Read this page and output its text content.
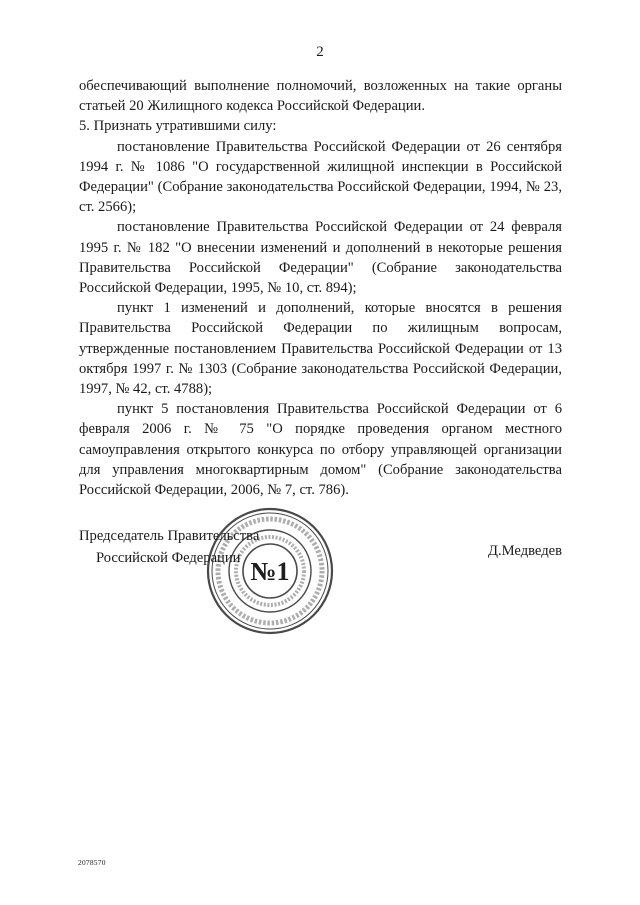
2

обеспечивающий выполнение полномочий, возложенных на такие органы статьей 20 Жилищного кодекса Российской Федерации.

5. Признать утратившими силу:

постановление Правительства Российской Федерации от 26 сентября 1994 г. № 1086 "О государственной жилищной инспекции в Российской Федерации" (Собрание законодательства Российской Федерации, 1994, № 23, ст. 2566);

постановление Правительства Российской Федерации от 24 февраля 1995 г. № 182 "О внесении изменений и дополнений в некоторые решения Правительства Российской Федерации" (Собрание законодательства Российской Федерации, 1995, № 10, ст. 894);

пункт 1 изменений и дополнений, которые вносятся в решения Правительства Российской Федерации по жилищным вопросам, утвержденные постановлением Правительства Российской Федерации от 13 октября 1997 г. № 1303 (Собрание законодательства Российской Федерации, 1997, № 42, ст. 4788);

пункт 5 постановления Правительства Российской Федерации от 6 февраля 2006 г. № 75 "О порядке проведения органом местного самоуправления открытого конкурса по отбору управляющей организации для управления многоквартирным домом" (Собрание законодательства Российской Федерации, 2006, № 7, ст. 786).

Председатель Правительства
Российской Федерации	Д.Медведев
№1
2078570
